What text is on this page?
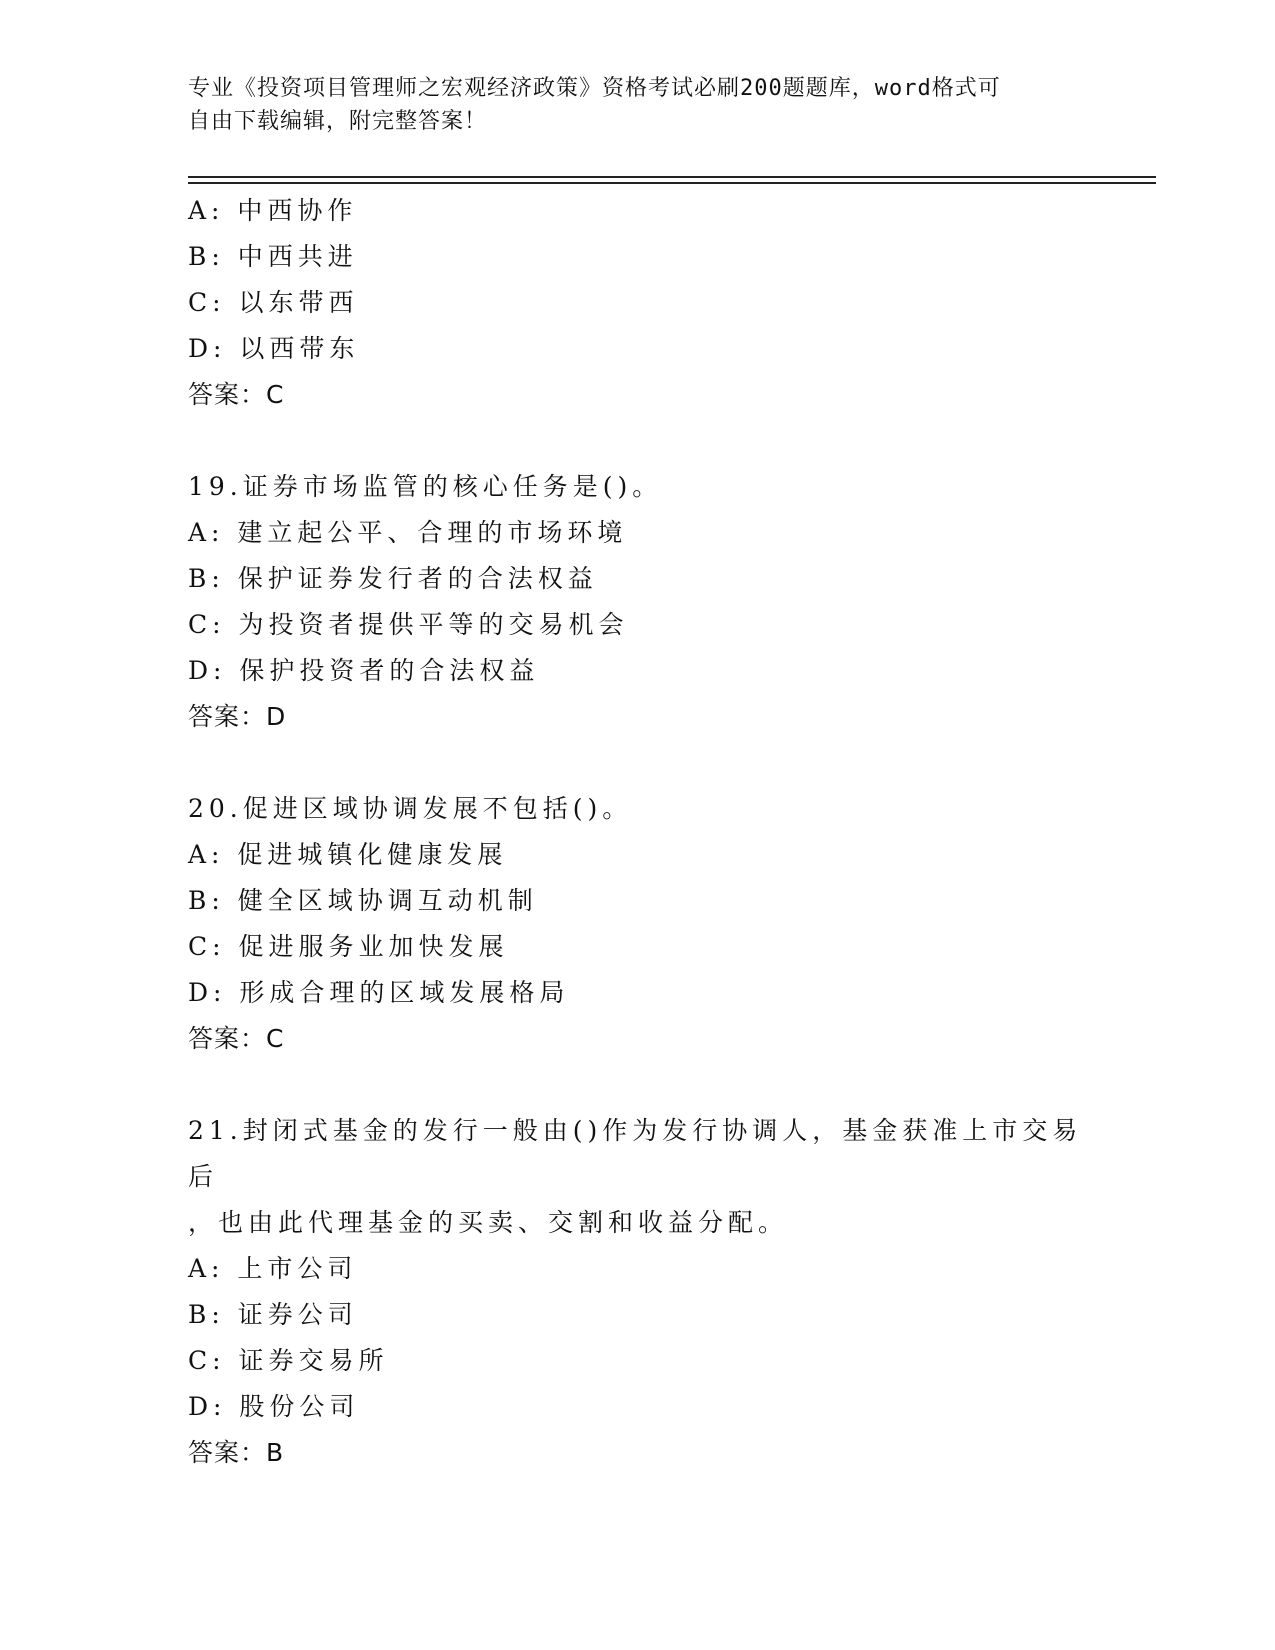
专业《投资项目管理师之宏观经济政策》资格考试必刷200题题库，word格式可
自由下载编辑，附完整答案！
A: 中西协作
B: 中西共进
C: 以东带西
D: 以西带东
答案：C
19.证券市场监管的核心任务是()。
A: 建立起公平、合理的市场环境
B: 保护证券发行者的合法权益
C: 为投资者提供平等的交易机会
D: 保护投资者的合法权益
答案：D
20.促进区域协调发展不包括()。
A: 促进城镇化健康发展
B: 健全区域协调互动机制
C: 促进服务业加快发展
D: 形成合理的区域发展格局
答案：C
21.封闭式基金的发行一般由()作为发行协调人，基金获准上市交易后
，也由此代理基金的买卖、交割和收益分配。
A: 上市公司
B: 证券公司
C: 证券交易所
D: 股份公司
答案：B
